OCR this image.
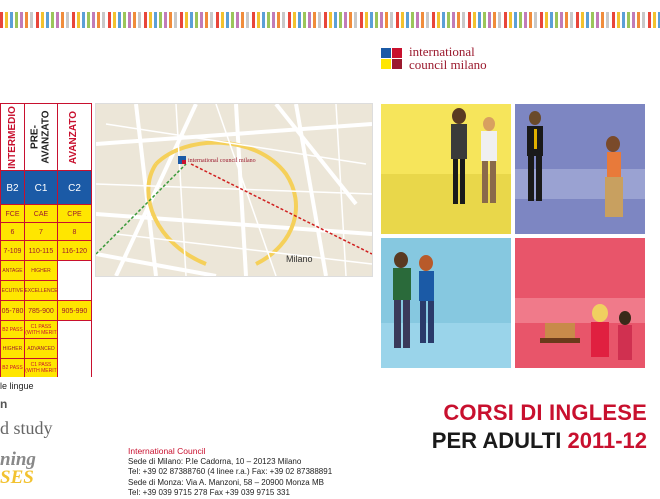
international
council milano
INTERMEDIO PRE-AVANZATO AVANZATO
B2
FCE
6
7-109
ANTAGE
ECUTIVE
05-780
B2 PASS
HIGHER
B2 PASS
C1
CAE
7
110-115
HIGHER
EXCELLENCE
785-900
C1 PASS (WITH MERIT
ADVANCED
C1 PASS (WITH MERIT
C2
CPE
8
116-120
905-990
international council milano
Milano
le lingue
n
d study
ning
SES
CORSI DI INGLESE
PER ADULTI 2011-12
International Council
Sede di Milano: P.le Cadorna, 10 – 20123 Milano
Tel: +39 02 87388760 (4 linee r.a.) Fax: +39 02 87388891
Sede di Monza: Via A. Manzoni, 58 – 20900 Monza MB
Tel: +39 039 9715 278 Fax +39 039 9715 331
